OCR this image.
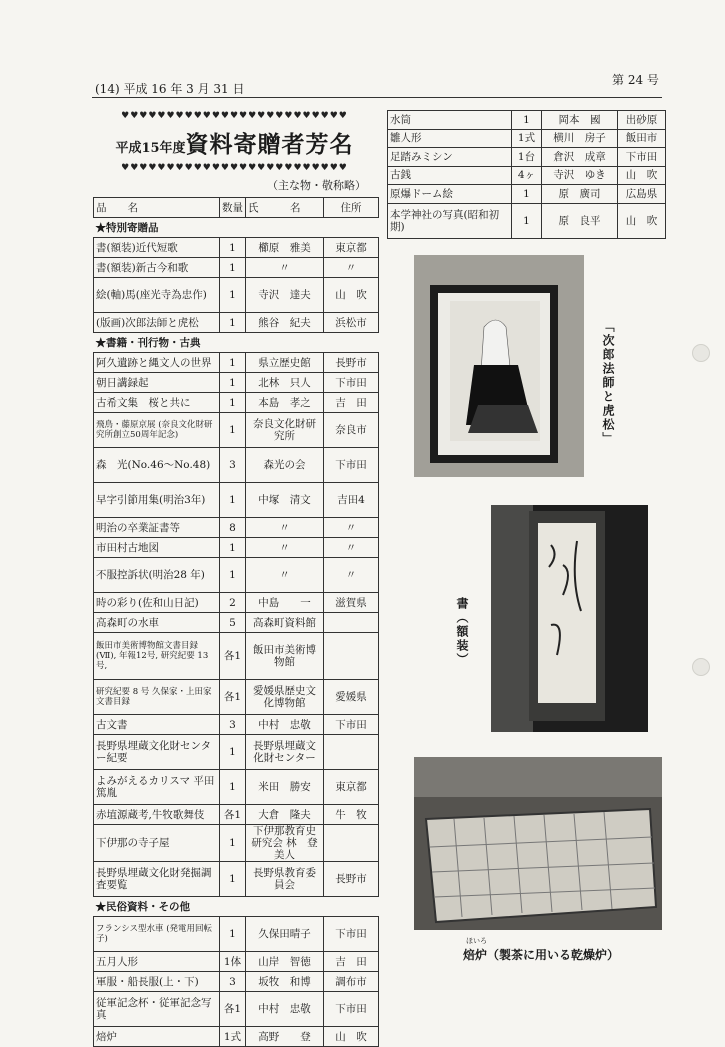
(14) 平成 16 年 3 月 31 日
第 24 号
♥♥♥♥♥♥♥♥♥♥♥♥♥♥♥♥♥♥♥♥♥♥♥♥♥
平成15年度資料寄贈者芳名
♥♥♥♥♥♥♥♥♥♥♥♥♥♥♥♥♥♥♥♥♥♥♥♥♥
（主な物・敬称略）
品　　名	数量	氏　　　名	住所
★特別寄贈品			
書(額装)近代短歌	1	櫛原　雅美	東京都
書(額装)新古今和歌	1	〃	〃
絵(軸)馬(座光寺為忠作)	1	寺沢　達夫	山　吹
(版画)次郎法師と虎松	1	熊谷　紀夫	浜松市
★書籍・刊行物・古典			
阿久遺跡と縄文人の世界	1	県立歴史館	長野市
朝日講録起	1	北林　只人	下市田
古希文集　桜と共に	1	本島　孝之	吉　田
飛鳥・藤原京展 (奈良文化財研究所創立50周年記念)	1	奈良文化財研究所	奈良市
森　光(No.46〜No.48)	3	森光の会	下市田
早字引節用集(明治3年)	1	中塚　清文	吉田4
明治の卒業証書等	8	〃	〃
市田村古地図	1	〃	〃
不服控訴状(明治28 年)	1	〃	〃
時の彩り(佐和山日記)	2	中島　　一	滋賀県
高森町の水車	5	高森町資料館	
飯田市美術博物館文書目録(Ⅶ), 年報12号, 研究紀要 13 号,	各1	飯田市美術博物館	
研究紀要 8 号 久保家・上田家文書目録	各1	愛媛県歴史文化博物館	愛媛県
古文書	3	中村　忠敬	下市田
長野県埋蔵文化財センター紀要	1	長野県埋蔵文化財センター	
よみがえるカリスマ 平田篤胤	1	米田　勝安	東京都
赤埴源蔵考,牛牧歌舞伎	各1	大倉　隆夫	牛　牧
下伊那の寺子屋	1	下伊那教育史研究会 林　登美人	
長野県埋蔵文化財発掘調査要覧	1	長野県教育委員会	長野市
★民俗資料・その他			
フランシス型水車 (発電用回転子)	1	久保田晴子	下市田
五月人形	1体	山岸　智徳	吉　田
軍服・船長服(上・下)	3	坂牧　和博	調布市
従軍記念杯・従軍記念写真	各1	中村　忠敬	下市田
焙炉	1式	高野　　登	山　吹
水筒	1	岡本　國	出砂原
雛人形	1式	横川　房子	飯田市
足踏みミシン	1台	倉沢　成章	下市田
古銭	4ヶ	寺沢　ゆき	山　吹
原爆ドーム絵	1	原　廣司	広島県
本学神社の写真(昭和初期)	1	原　良平	山　吹
「次郎法師と虎松」
書（額装）
ほいろ
焙炉（製茶に用いる乾燥炉）
